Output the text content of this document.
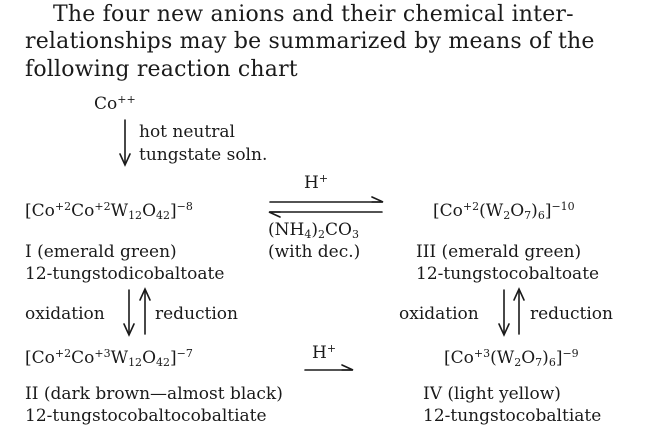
The four new anions and their chemical inter-
relationships may be summarized by means of the
following reaction chart
Co++
hot neutral
tungstate soln.
$[Co^{+2}Co^{+2}W_{12}O_{42}]^{-8}$
I (emerald green)
12-tungstodicobaltoate
$[Co^{+2}(W_2O_7)_6]^{-10}$
III (emerald green)
12-tungstocobaltoate
H+
$(NH_4)_2CO_3$
(with dec.)
oxidation	reduction	oxidation	reduction
$[Co^{+2}Co^{+3}W_{12}O_{42}]^{-7}$
II (dark brown—almost black)
12-tungstocobaltocobaltiate
H+	$[Co^{+3}(W_2O_7)_6]^{-9}$
IV (light yellow)
12-tungstocobaltiate
